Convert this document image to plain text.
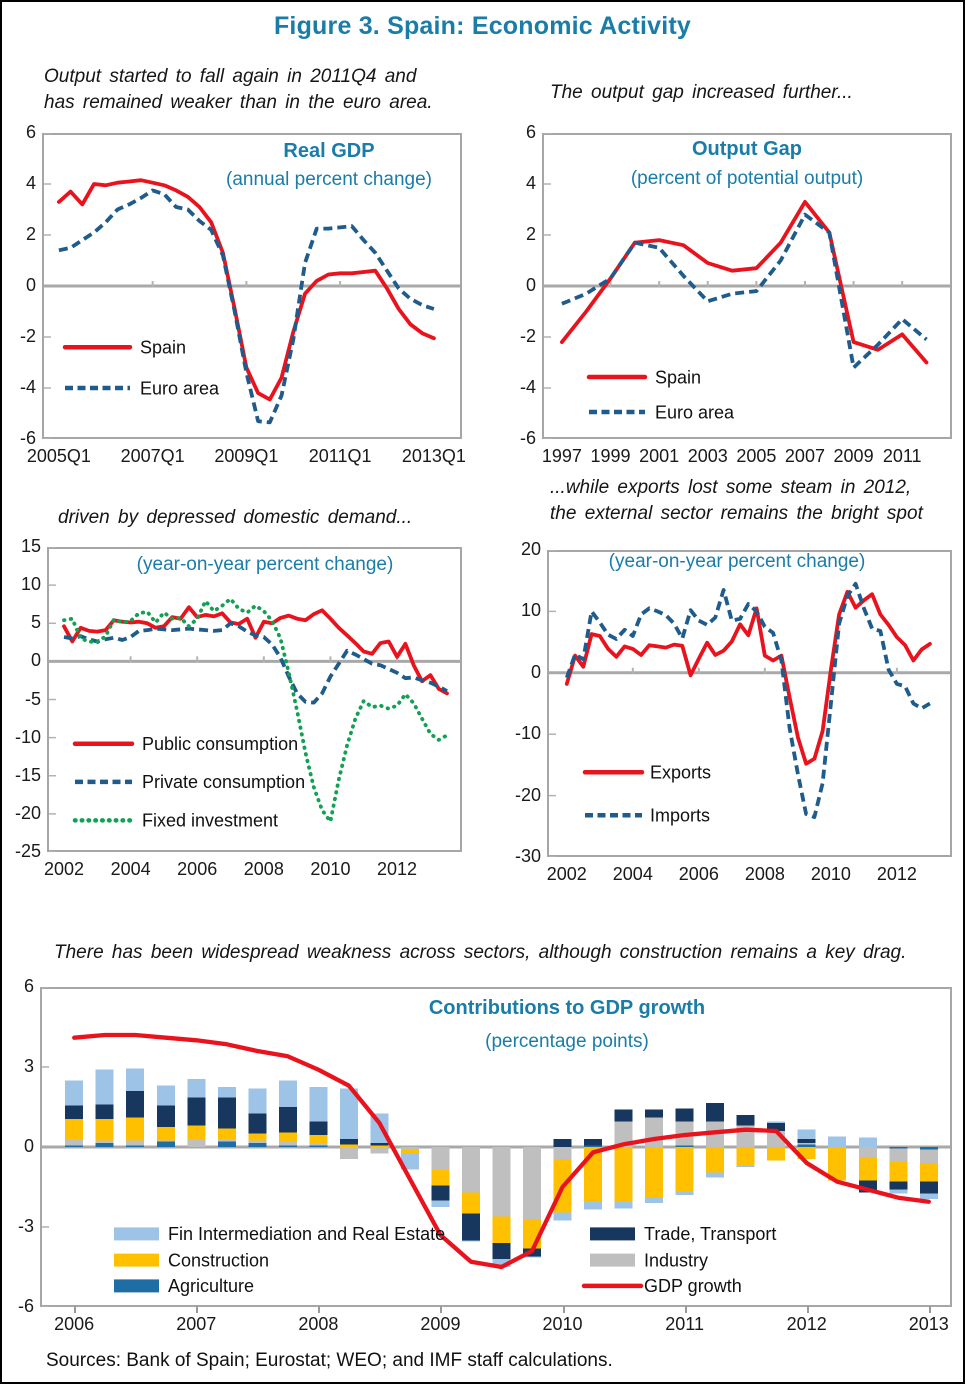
Figure 3. Spain: Economic Activity
Output started to fall again in 2011Q4 and
has remained weaker than in the euro area.	The output gap increased further...
driven by depressed domestic demand...
...while exports lost some steam in 2012,
the external sector remains the bright spot
There has been widespread weakness across sectors, although construction remains a key drag.
Real GDP
(annual percent change)
Spain
Euro area
Output Gap
(percent of potential output)
Spain
Euro area
(year-on-year percent change)
Public consumption
Private consumption
Fixed investment
(year-on-year percent change)
Exports
Imports
Contributions to GDP growth
(percentage points)
Fin Intermediation and Real Estate
Construction
Agriculture
Trade, Transport
Industry
GDP growth
Sources: Bank of Spain; Eurostat; WEO; and IMF staff calculations.
6
4
2
0
-2
-4
-6
2005Q1	2007Q1	2009Q1	2011Q1	2013Q1
6
4
2
0
-2
-4
-6
1997 1999 2001 2003 2005 2007 2009 2011
15
10
5
0
-5
-10
-15
-20
-25
2002	2004	2006	2008	2010	2012
20
10
0
-10
-20
-30
2002	2004	2006	2008	2010	2012
6
3
0
-3
-6
2006	2007	2008	2009	2010	2011	2012	2013
